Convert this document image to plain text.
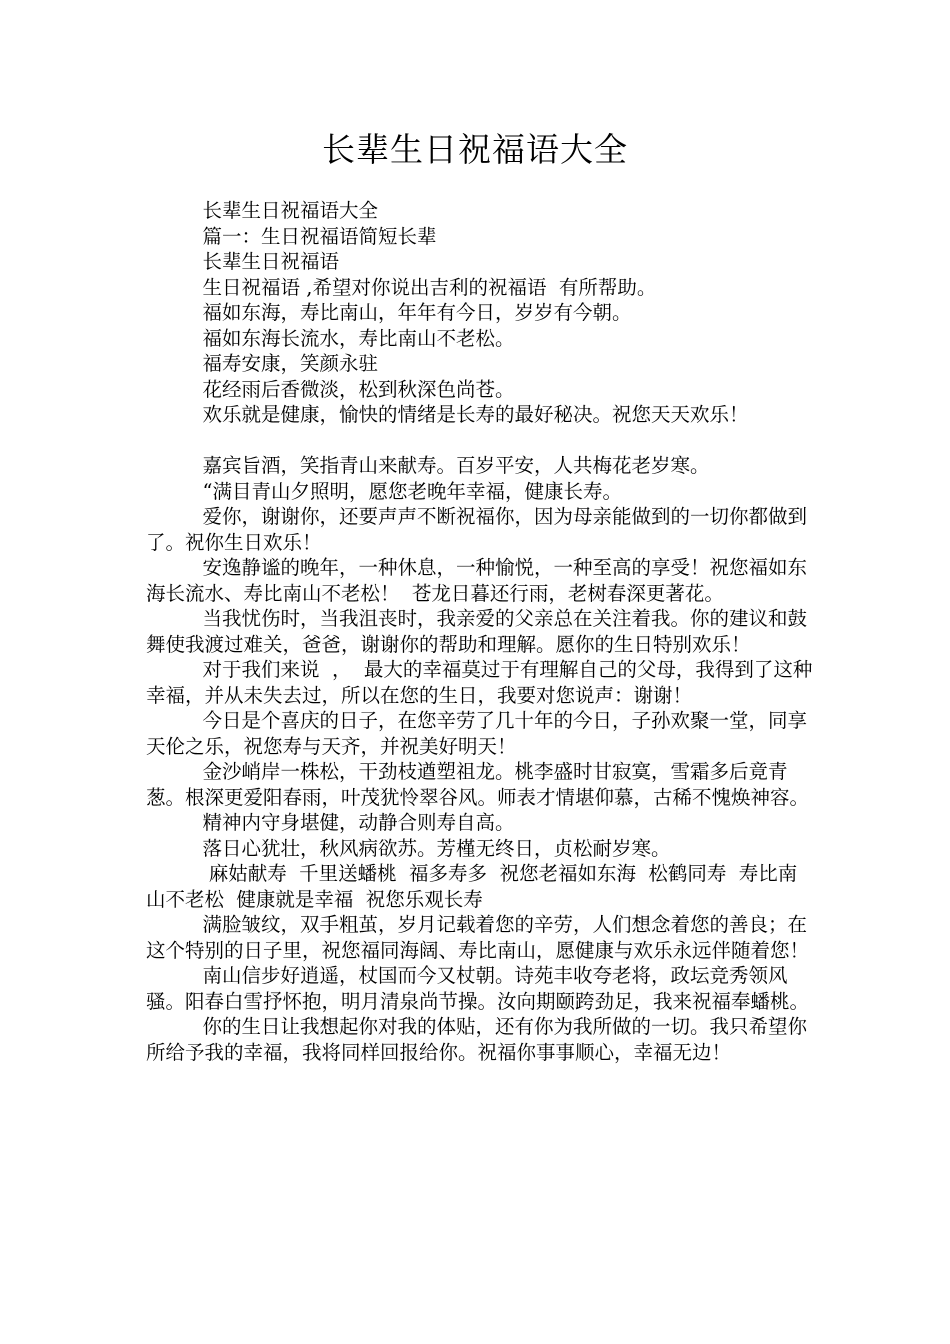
长辈生日祝福语大全

长辈生日祝福语大全

篇一：生日祝福语简短长辈

长辈生日祝福语

生日祝福语 ,希望对你说出吉利的祝福语  有所帮助。

福如东海，寿比南山，年年有今日，岁岁有今朝。

福如东海长流水，寿比南山不老松。

福寿安康，笑颜永驻

花经雨后香微淡，松到秋深色尚苍。

欢乐就是健康，愉快的情绪是长寿的最好秘决。祝您天天欢乐！

嘉宾旨酒，笑指青山来献寿。百岁平安，人共梅花老岁寒。

“满目青山夕照明，愿您老晚年幸福，健康长寿。

爱你，谢谢你，还要声声不断祝福你，因为母亲能做到的一切你都做到了。祝你生日欢乐！

安逸静谧的晚年，一种休息，一种愉悦，一种至高的享受！祝您福如东海长流水、寿比南山不老松！  苍龙日暮还行雨，老树春深更著花。

当我忧伤时，当我沮丧时，我亲爱的父亲总在关注着我。你的建议和鼓舞使我渡过难关，爸爸，谢谢你的帮助和理解。愿你的生日特别欢乐！

对于我们来说  ，  最大的幸福莫过于有理解自己的父母，我得到了这种幸福，并从未失去过，所以在您的生日，我要对您说声：谢谢！

今日是个喜庆的日子，在您辛劳了几十年的今日，子孙欢聚一堂，同享天伦之乐，祝您寿与天齐，并祝美好明天！

金沙峭岸一株松，干劲枝遒塑祖龙。桃李盛时甘寂寞，雪霜多后竟青葱。根深更爱阳春雨，叶茂犹怜翠谷风。师表才情堪仰慕，古稀不愧焕神容。

精神内守身堪健，动静合则寿自高。

落日心犹壮，秋风病欲苏。芳槿无终日，贞松耐岁寒。

麻姑献寿  千里送蟠桃  福多寿多  祝您老福如东海  松鹤同寿  寿比南山不老松  健康就是幸福  祝您乐观长寿

满脸皱纹，双手粗茧，岁月记载着您的辛劳，人们想念着您的善良；在这个特别的日子里，祝您福同海阔、寿比南山，愿健康与欢乐永远伴随着您！

南山信步好逍遥，杖国而今又杖朝。诗苑丰收夸老将，政坛竞秀领风骚。阳春白雪抒怀抱，明月清泉尚节操。汝向期颐跨劲足，我来祝福奉蟠桃。

你的生日让我想起你对我的体贴，还有你为我所做的一切。我只希望你所给予我的幸福，我将同样回报给你。祝福你事事顺心，幸福无边！
